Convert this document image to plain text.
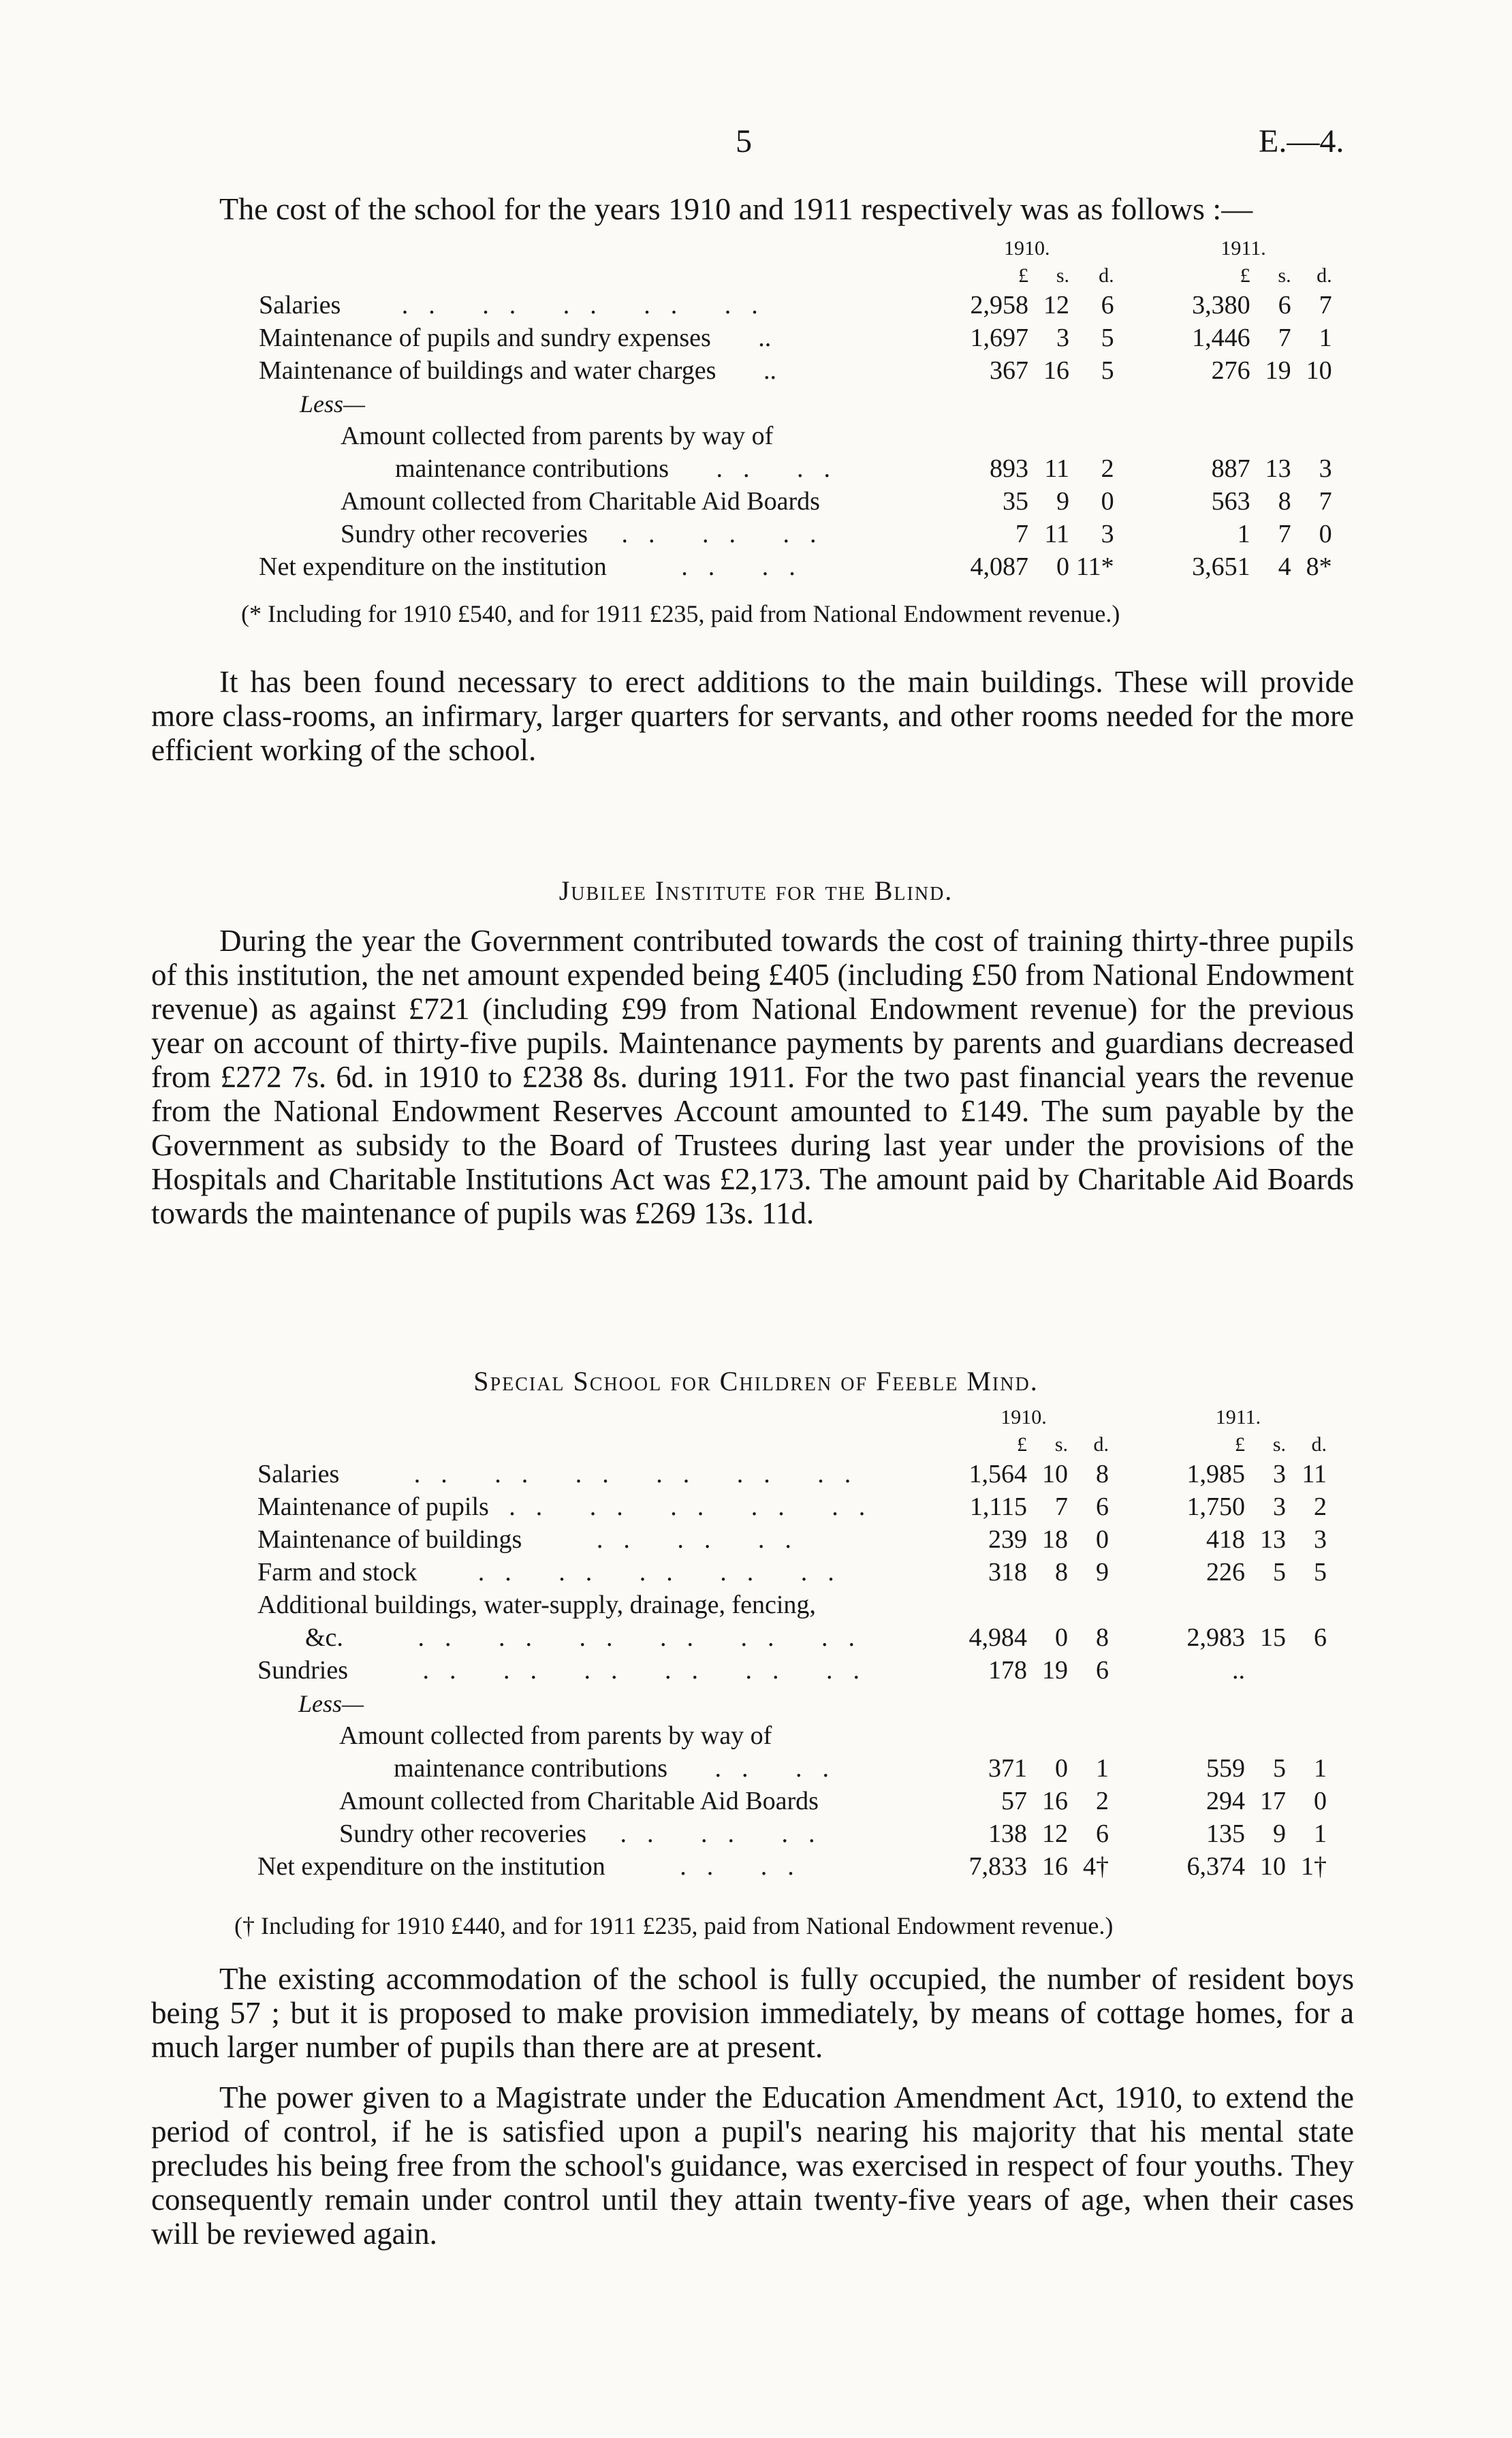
5	E.—4.
The cost of the school for the years 1910 and 1911 respectively was as follows :—
	1910.				1911.		
	£	s.	d.		£	s.	d.
Salaries .. .. .. .. ..	2,958	12	6		3,380	6	7
Maintenance of pupils and sundry expenses ..	1,697	3	5		1,446	7	1
Maintenance of buildings and water charges ..	367	16	5		276	19	10
Less—							
Amount collected from parents by way of							
maintenance contributions .. ..	893	11	2		887	13	3
Amount collected from Charitable Aid Boards	35	9	0		563	8	7
Sundry other recoveries .. .. ..	7	11	3		1	7	0
Net expenditure on the institution .. ..	4,087	0	11*		3,651	4	8*
(* Including for 1910 £540, and for 1911 £235, paid from National Endowment revenue.)

It has been found necessary to erect additions to the main buildings. These will provide more class-rooms, an infirmary, larger quarters for servants, and other rooms needed for the more efficient working of the school.

Jubilee Institute for the Blind.

During the year the Government contributed towards the cost of training thirty-three pupils of this institution, the net amount expended being £405 (including £50 from National Endowment revenue) as against £721 (including £99 from National Endowment revenue) for the previous year on account of thirty-five pupils. Maintenance payments by parents and guardians decreased from £272 7s. 6d. in 1910 to £238 8s. during 1911. For the two past financial years the revenue from the National Endowment Reserves Account amounted to £149. The sum payable by the Government as subsidy to the Board of Trustees during last year under the provisions of the Hospitals and Charitable Institutions Act was £2,173. The amount paid by Charitable Aid Boards towards the maintenance of pupils was £269 13s. 11d.

Special School for Children of Feeble Mind.
	1910.				1911.		
	£	s.	d.		£	s.	d.
Salaries .. .. .. .. .. ..	1,564	10	8		1,985	3	11
Maintenance of pupils .. .. .. .. ..	1,115	7	6		1,750	3	2
Maintenance of buildings .. .. ..	239	18	0		418	13	3
Farm and stock .. .. .. .. ..	318	8	9		226	5	5
Additional buildings, water-supply, drainage, fencing,							
&c. .. .. .. .. .. ..	4,984	0	8		2,983	15	6
Sundries .. .. .. .. .. ..	178	19	6		..		
Less—							
Amount collected from parents by way of							
maintenance contributions .. ..	371	0	1		559	5	1
Amount collected from Charitable Aid Boards	57	16	2		294	17	0
Sundry other recoveries .. .. ..	138	12	6		135	9	1
Net expenditure on the institution .. ..	7,833	16	4†		6,374	10	1†
(† Including for 1910 £440, and for 1911 £235, paid from National Endowment revenue.)

The existing accommodation of the school is fully occupied, the number of resident boys being 57 ; but it is proposed to make provision immediately, by means of cottage homes, for a much larger number of pupils than there are at present.

The power given to a Magistrate under the Education Amendment Act, 1910, to extend the period of control, if he is satisfied upon a pupil's nearing his majority that his mental state precludes his being free from the school's guidance, was exercised in respect of four youths. They consequently remain under control until they attain twenty-five years of age, when their cases will be reviewed again.
